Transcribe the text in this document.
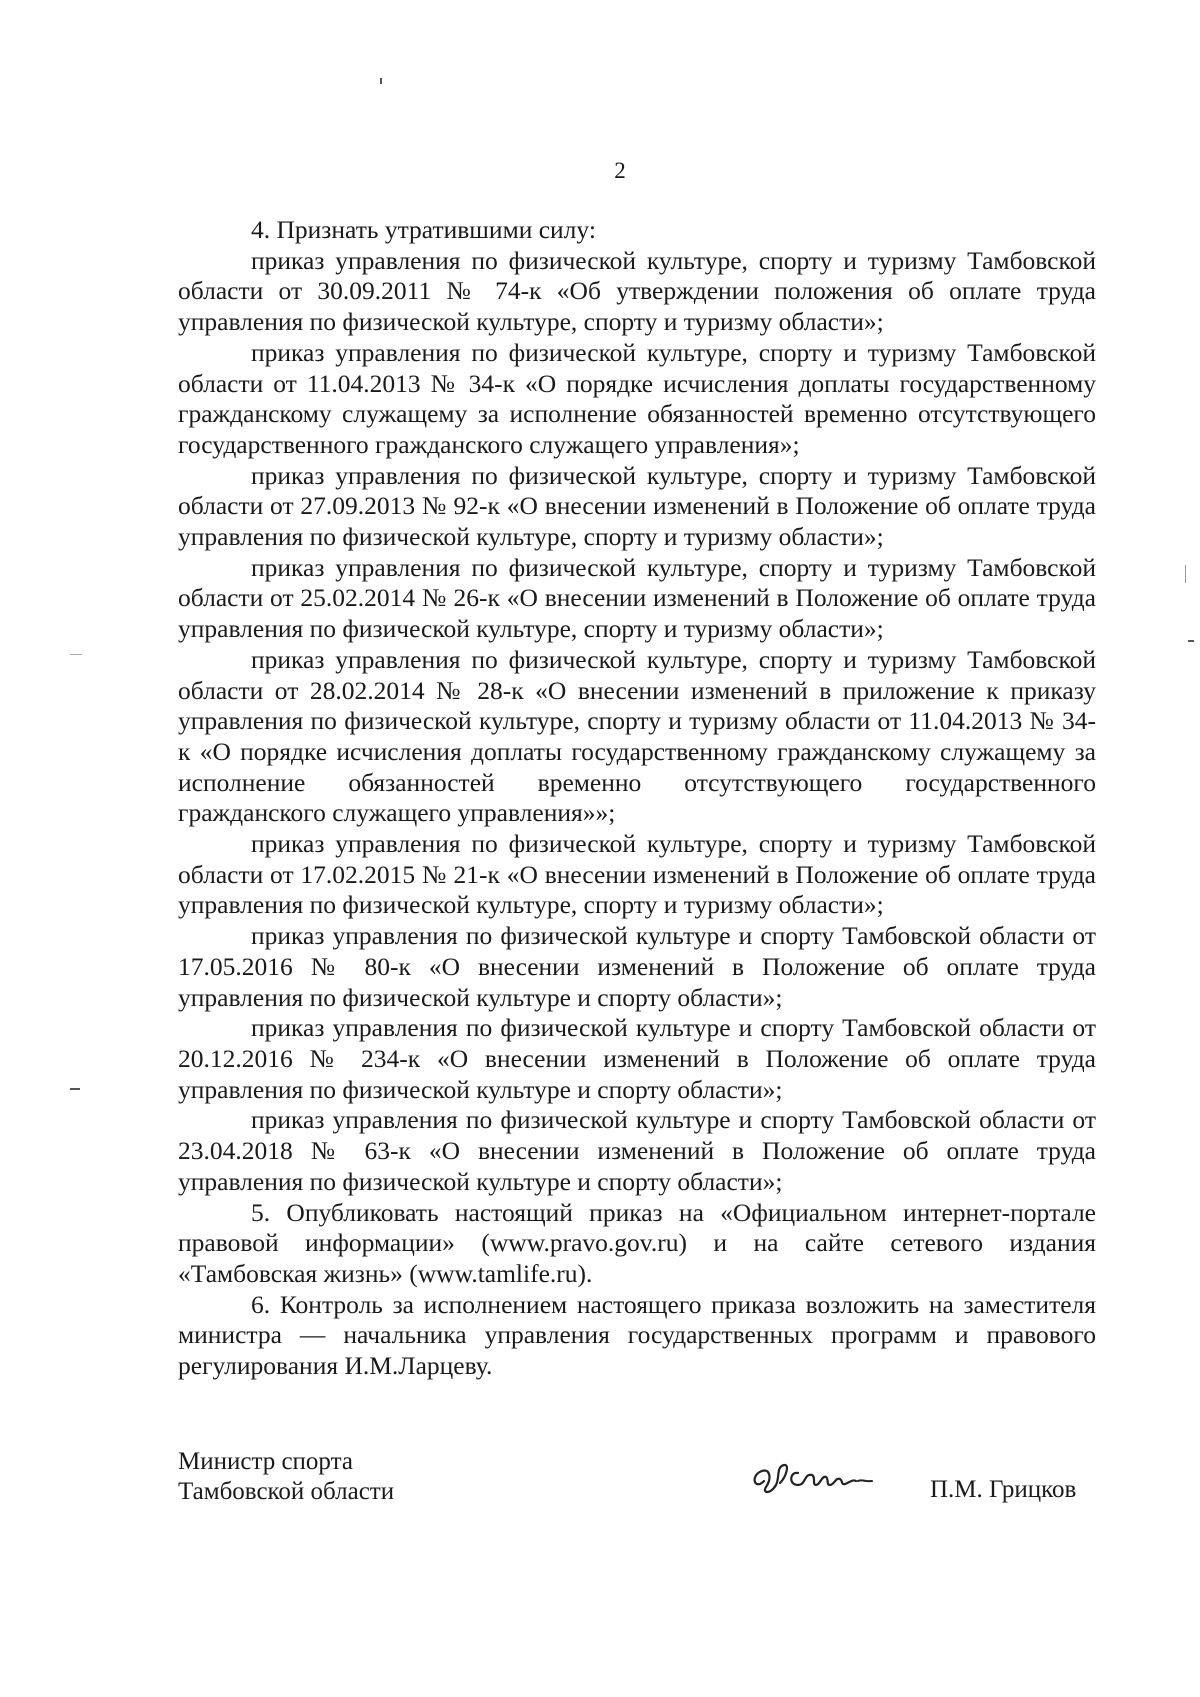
2

4. Признать утратившими силу:

приказ управления по физической культуре, спорту и туризму Тамбовской области от 30.09.2011 № 74-к «Об утверждении положения об оплате труда управления по физической культуре, спорту и туризму области»;

приказ управления по физической культуре, спорту и туризму Тамбовской области от 11.04.2013 № 34-к «О порядке исчисления доплаты государственному гражданскому служащему за исполнение обязанностей временно отсутствующего государственного гражданского служащего управления»;

приказ управления по физической культуре, спорту и туризму Тамбовской области от 27.09.2013 № 92-к «О внесении изменений в Положение об оплате труда управления по физической культуре, спорту и туризму области»;

приказ управления по физической культуре, спорту и туризму Тамбовской области от 25.02.2014 № 26-к «О внесении изменений в Положение об оплате труда управления по физической культуре, спорту и туризму области»;

приказ управления по физической культуре, спорту и туризму Тамбовской области от 28.02.2014 № 28-к «О внесении изменений в приложение к приказу управления по физической культуре, спорту и туризму области от 11.04.2013 № 34-к «О порядке исчисления доплаты государственному гражданскому служащему за исполнение обязанностей временно отсутствующего государственного гражданского служащего управления»»;

приказ управления по физической культуре, спорту и туризму Тамбовской области от 17.02.2015 № 21-к «О внесении изменений в Положение об оплате труда управления по физической культуре, спорту и туризму области»;

приказ управления по физической культуре и спорту Тамбовской области от 17.05.2016 № 80-к «О внесении изменений в Положение об оплате труда управления по физической культуре и спорту области»;

приказ управления по физической культуре и спорту Тамбовской области от 20.12.2016 № 234-к «О внесении изменений в Положение об оплате труда управления по физической культуре и спорту области»;

приказ управления по физической культуре и спорту Тамбовской области от 23.04.2018 № 63-к «О внесении изменений в Положение об оплате труда управления по физической культуре и спорту области»;

5. Опубликовать настоящий приказ на «Официальном интернет-портале правовой информации» (www.pravo.gov.ru) и на сайте сетевого издания «Тамбовская жизнь» (www.tamlife.ru).

6. Контроль за исполнением настоящего приказа возложить на заместителя министра — начальника управления государственных программ и правового регулирования И.М.Ларцеву.

Министр спорта
Тамбовской области	П.М. Грицков
